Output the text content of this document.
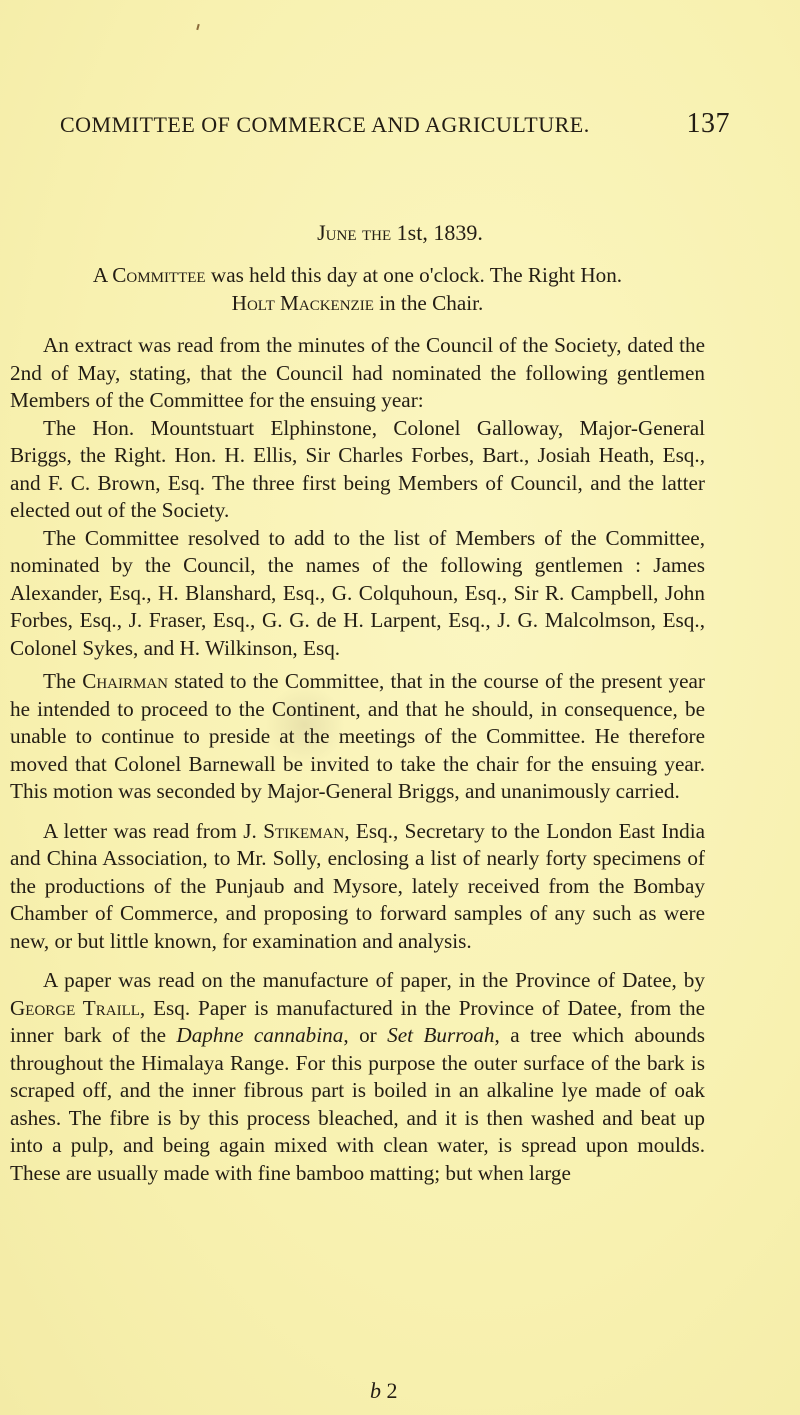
COMMITTEE OF COMMERCE AND AGRICULTURE.	137
June the 1st, 1839.

A Committee was held this day at one o'clock. The Right Hon.
Holt Mackenzie in the Chair.

An extract was read from the minutes of the Council of the Society, dated the 2nd of May, stating, that the Council had nominated the following gentlemen Members of the Committee for the ensuing year:

The Hon. Mountstuart Elphinstone, Colonel Galloway, Major-General Briggs, the Right. Hon. H. Ellis, Sir Charles Forbes, Bart., Josiah Heath, Esq., and F. C. Brown, Esq. The three first being Members of Council, and the latter elected out of the Society.

The Committee resolved to add to the list of Members of the Committee, nominated by the Council, the names of the following gentlemen : James Alexander, Esq., H. Blanshard, Esq., G. Colquhoun, Esq., Sir R. Campbell, John Forbes, Esq., J. Fraser, Esq., G. G. de H. Larpent, Esq., J. G. Malcolmson, Esq., Colonel Sykes, and H. Wilkinson, Esq.

The Chairman stated to the Committee, that in the course of the present year he intended to proceed to the Continent, and that he should, in consequence, be unable to continue to preside at the meetings of the Committee. He therefore moved that Colonel Barnewall be invited to take the chair for the ensuing year. This motion was seconded by Major-General Briggs, and unanimously carried.

A letter was read from J. Stikeman, Esq., Secretary to the London East India and China Association, to Mr. Solly, enclosing a list of nearly forty specimens of the productions of the Punjaub and Mysore, lately received from the Bombay Chamber of Commerce, and proposing to forward samples of any such as were new, or but little known, for examination and analysis.

A paper was read on the manufacture of paper, in the Province of Datee, by George Traill, Esq. Paper is manufactured in the Province of Datee, from the inner bark of the Daphne cannabina, or Set Burroah, a tree which abounds throughout the Himalaya Range. For this purpose the outer surface of the bark is scraped off, and the inner fibrous part is boiled in an alkaline lye made of oak ashes. The fibre is by this process bleached, and it is then washed and beat up into a pulp, and being again mixed with clean water, is spread upon moulds. These are usually made with fine bamboo matting; but when large

b 2
